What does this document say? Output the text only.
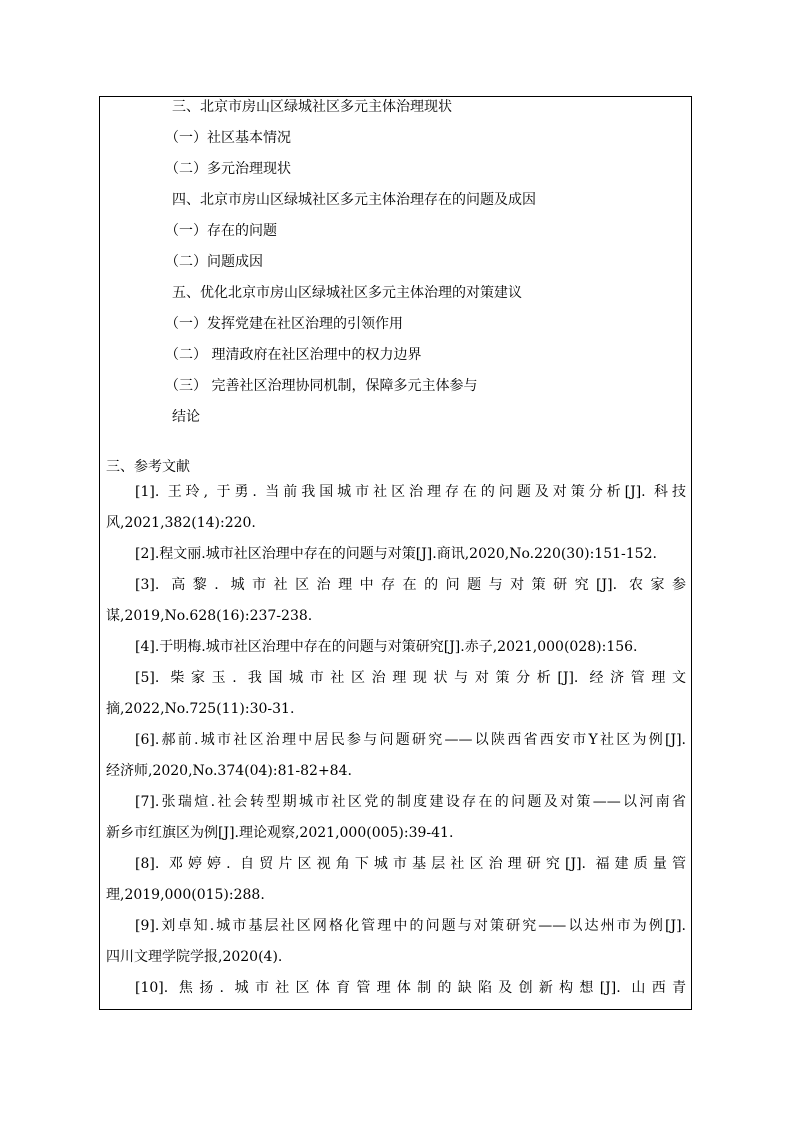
三、北京市房山区绿城社区多元主体治理现状
（一）社区基本情况
（二）多元治理现状
四、北京市房山区绿城社区多元主体治理存在的问题及成因
（一）存在的问题
（二）问题成因
五、优化北京市房山区绿城社区多元主体治理的对策建议
（一）发挥党建在社区治理的引领作用
（二） 理清政府在社区治理中的权力边界
（三） 完善社区治理协同机制，保障多元主体参与
结论
三、参考文献
[1]. 王玲, 于勇. 当前我国城市社区治理存在的问题及对策分析[J]. 科技
风,2021,382(14):220.
[2].程文丽.城市社区治理中存在的问题与对策[J].商讯,2020,No.220(30):151-152.
[3]. 高黎. 城市社区治理中存在的问题与对策研究[J]. 农家参
谋,2019,No.628(16):237-238.
[4].于明梅.城市社区治理中存在的问题与对策研究[J].赤子,2021,000(028):156.
[5]. 柴家玉. 我国城市社区治理现状与对策分析[J]. 经济管理文
摘,2022,No.725(11):30-31.
[6].郝前.城市社区治理中居民参与问题研究——以陕西省西安市Y社区为例[J].
经济师,2020,No.374(04):81-82+84.
[7].张瑞煊.社会转型期城市社区党的制度建设存在的问题及对策——以河南省
新乡市红旗区为例[J].理论观察,2021,000(005):39-41.
[8]. 邓婷婷. 自贸片区视角下城市基层社区治理研究[J]. 福建质量管
理,2019,000(015):288.
[9].刘卓知.城市基层社区网格化管理中的问题与对策研究——以达州市为例[J].
四川文理学院学报,2020(4).
[10]. 焦扬. 城市社区体育管理体制的缺陷及创新构想[J]. 山西青
